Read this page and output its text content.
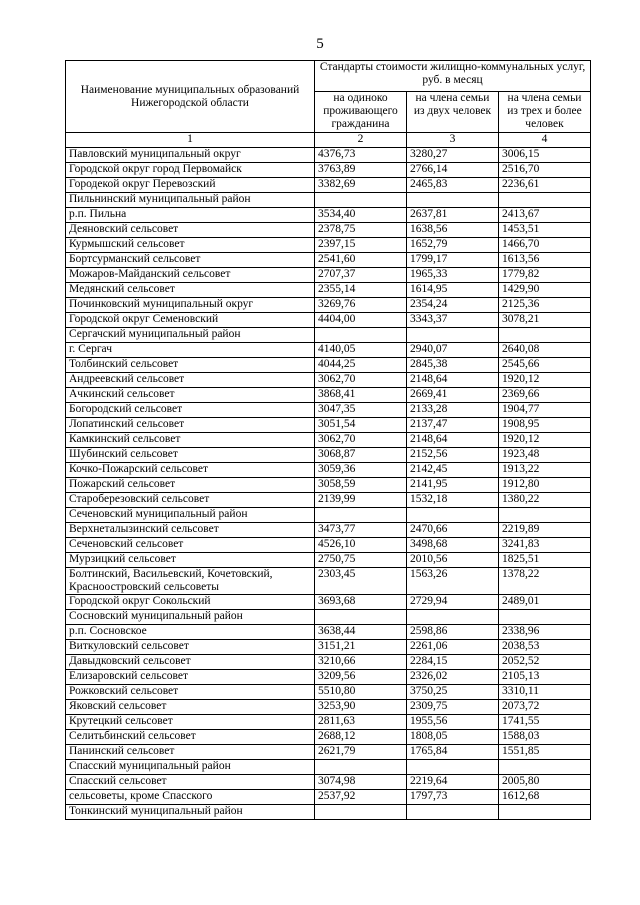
5
Наименование муниципальных образований Нижегородской области	Стандарты стоимости жилищно-коммунальных услуг, руб. в месяц		
	на одиноко проживающего гражданина	на члена семьи из двух человек	на члена семьи из трех и более человек
1	2	3	4
Павловский муниципальный округ	4376,73	3280,27	3006,15
Городской округ город Первомайск	3763,89	2766,14	2516,70
Городекой округ Перевозский	3382,69	2465,83	2236,61
Пильнинский муниципальный район			
р.п. Пильна	3534,40	2637,81	2413,67
Деяновский сельсовет	2378,75	1638,56	1453,51
Курмышский сельсовет	2397,15	1652,79	1466,70
Бортсурманский сельсовет	2541,60	1799,17	1613,56
Можаров-Майданский сельсовет	2707,37	1965,33	1779,82
Медянский сельсовет	2355,14	1614,95	1429,90
Починковский муниципальный округ	3269,76	2354,24	2125,36
Городской округ Семеновский	4404,00	3343,37	3078,21
Сергачский муниципальный район			
г. Сергач	4140,05	2940,07	2640,08
Толбинский сельсовет	4044,25	2845,38	2545,66
Андреевский сельсовет	3062,70	2148,64	1920,12
Ачкинский сельсовет	3868,41	2669,41	2369,66
Богородский сельсовет	3047,35	2133,28	1904,77
Лопатинский сельсовет	3051,54	2137,47	1908,95
Камкинский сельсовет	3062,70	2148,64	1920,12
Шубинский сельсовет	3068,87	2152,56	1923,48
Кочко-Пожарский сельсовет	3059,36	2142,45	1913,22
Пожарский сельсовет	3058,59	2141,95	1912,80
Староберезовский сельсовет	2139,99	1532,18	1380,22
Сеченовский муниципальный район			
Верхнеталызинский сельсовет	3473,77	2470,66	2219,89
Сеченовский сельсовет	4526,10	3498,68	3241,83
Мурзицкий сельсовет	2750,75	2010,56	1825,51
Болтинский, Васильевский, Кочетовский, Красноостровский сельсоветы	2303,45	1563,26	1378,22
Городской округ Сокольский	3693,68	2729,94	2489,01
Сосновский муниципальный район			
р.п. Сосновское	3638,44	2598,86	2338,96
Виткуловский сельсовет	3151,21	2261,06	2038,53
Давыдковский сельсовет	3210,66	2284,15	2052,52
Елизаровский сельсовет	3209,56	2326,02	2105,13
Рожковский сельсовет	5510,80	3750,25	3310,11
Яковский сельсовет	3253,90	2309,75	2073,72
Крутецкий сельсовет	2811,63	1955,56	1741,55
Селитьбинский сельсовет	2688,12	1808,05	1588,03
Панинский сельсовет	2621,79	1765,84	1551,85
Спасский муниципальный район			
Спасский сельсовет	3074,98	2219,64	2005,80
сельсоветы, кроме Спасского	2537,92	1797,73	1612,68
Тонкинский муниципальный район			
